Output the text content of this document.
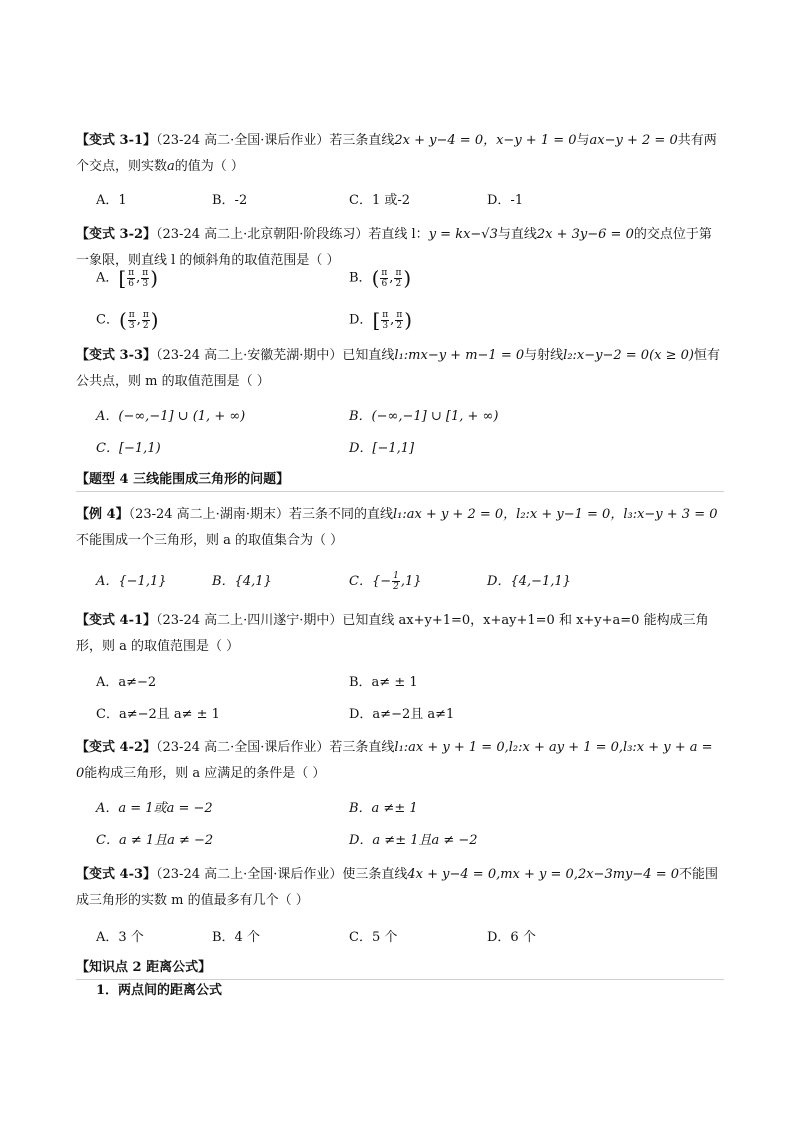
【变式 3-1】（23-24 高二·全国·课后作业）若三条直线2x + y−4 = 0，x−y + 1 = 0与ax−y + 2 = 0共有两个交点，则实数a的值为（ ）
A．1	B．-2	C．1 或-2	D．-1
【变式 3-2】（23-24 高二上·北京朝阳·阶段练习）若直线 l：y = kx−√3与直线2x + 3y−6 = 0的交点位于第一象限，则直线 l 的倾斜角的取值范围是（ ）
A．[ $\frac{\pi}{6}$ , $\frac{\pi}{3}$ )	B．( $\frac{\pi}{6}$ , $\frac{\pi}{2}$ )
C．( $\frac{\pi}{3}$ , $\frac{\pi}{2}$ )	D．[ $\frac{\pi}{3}$ , $\frac{\pi}{2}$ )
【变式 3-3】（23-24 高二上·安徽芜湖·期中）已知直线l₁:mx−y + m−1 = 0与射线l₂:x−y−2 = 0(x ≥ 0)恒有公共点，则 m 的取值范围是（ ）
A．(−∞,−1] ∪ (1, + ∞)	B．(−∞,−1] ∪ [1, + ∞)
C．[−1,1)	D．[−1,1]
【题型 4 三线能围成三角形的问题】
【例 4】（23-24 高二上·湖南·期末）若三条不同的直线l₁:ax + y + 2 = 0，l₂:x + y−1 = 0，l₃:x−y + 3 = 0不能围成一个三角形，则 a 的取值集合为（ ）
A．{−1,1}	B．{4,1}	C．{− $\frac{1}{2} ,1$}	D．{4,−1,1}
【变式 4-1】（23-24 高二上·四川遂宁·期中）已知直线 ax+y+1=0，x+ay+1=0 和 x+y+a=0 能构成三角形，则 a 的取值范围是（ ）
A．a≠−2	B．a≠ ± 1
C．a≠−2且 a≠ ± 1	D．a≠−2且 a≠1
【变式 4-2】（23-24 高二·全国·课后作业）若三条直线l₁:ax + y + 1 = 0,l₂:x + ay + 1 = 0,l₃:x + y + a = 0能构成三角形，则 a 应满足的条件是（ ）
A．a = 1或a = −2	B．a ≠± 1
C．a ≠ 1且a ≠ −2	D．a ≠± 1且a ≠ −2
【变式 4-3】（23-24 高二上·全国·课后作业）使三条直线4x + y−4 = 0,mx + y = 0,2x−3my−4 = 0不能围成三角形的实数 m 的值最多有几个（ ）
A．3 个	B．4 个	C．5 个	D．6 个
【知识点 2 距离公式】
1．两点间的距离公式
